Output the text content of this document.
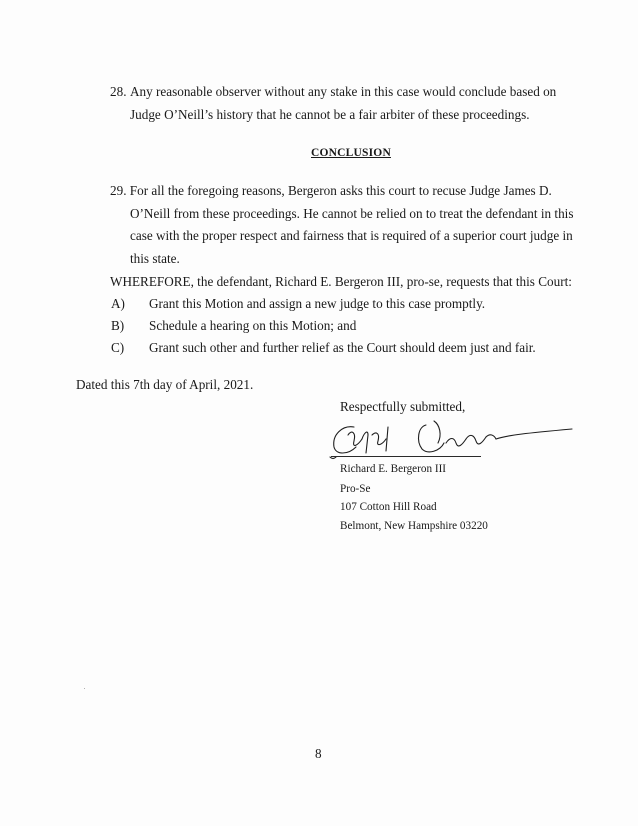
28. Any reasonable observer without any stake in this case would conclude based on
Judge O’Neill’s history that he cannot be a fair arbiter of these proceedings.
CONCLUSION
29. For all the foregoing reasons, Bergeron asks this court to recuse Judge James D.
O’Neill from these proceedings. He cannot be relied on to treat the defendant in this
case with the proper respect and fairness that is required of a superior court judge in
this state.
WHEREFORE, the defendant, Richard E. Bergeron III, pro-se, requests that this Court:
A) Grant this Motion and assign a new judge to this case promptly.
B) Schedule a hearing on this Motion; and
C) Grant such other and further relief as the Court should deem just and fair.
Dated this 7th day of April, 2021.
Respectfully submitted,
Richard E. Bergeron III
Pro-Se
107 Cotton Hill Road
Belmont, New Hampshire 03220
8
